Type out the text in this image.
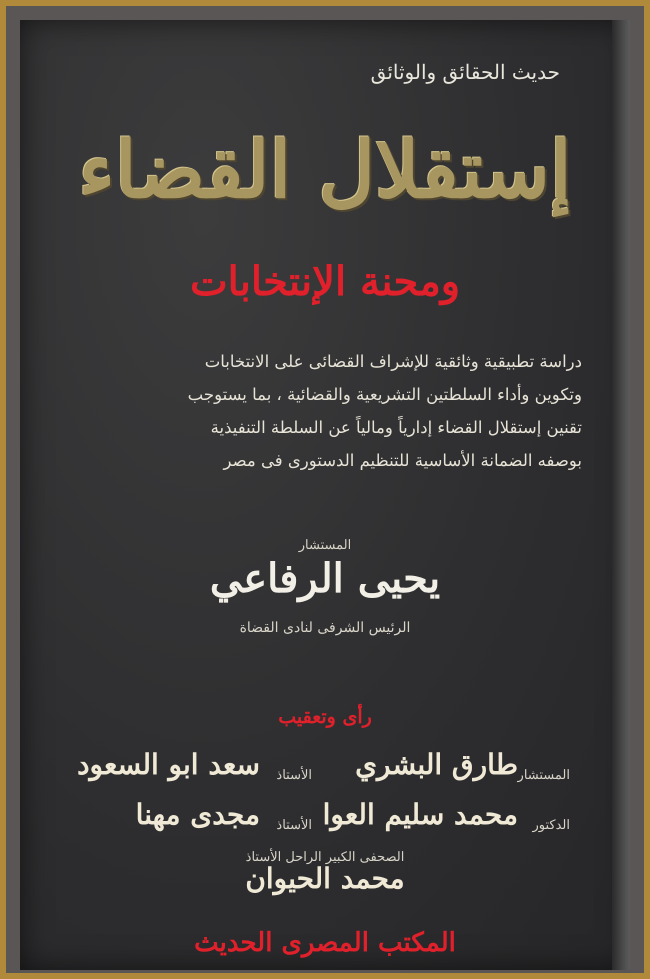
حديث الحقائق والوثائق
إستقلال القضاء
ومحنة الإنتخابات
دراسة تطبيقية وثائقية للإشراف القضائى على الانتخابات
وتكوين وأداء السلطتين التشريعية والقضائية ، بما يستوجب
تقنين إستقلال القضاء إدارياً ومالياً عن السلطة التنفيذية
بوصفه الضمانة الأساسية للتنظيم الدستورى فى مصر
المستشار
يحيى الرفاعي
الرئيس الشرفى لنادى القضاة
رأى وتعقيب
طارق البشري المستشار
سعد ابو السعود الأستاذ
محمد سليم العوا الدكتور
مجدى مهنا الأستاذ
الصحفى الكبير الراحل الأستاذ
محمد الحيوان
المكتب المصرى الحديث
